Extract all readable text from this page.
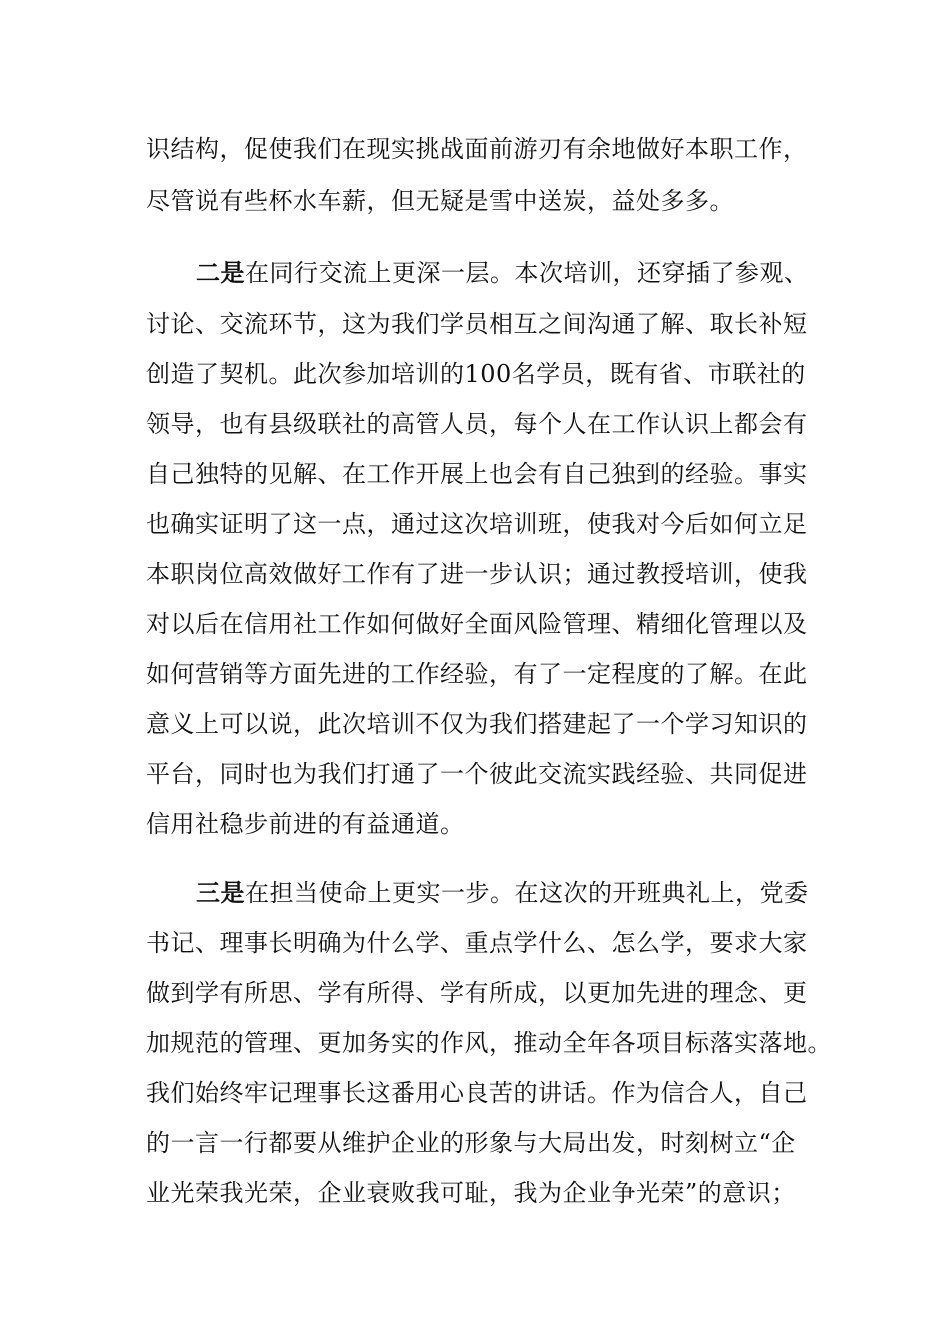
识结构，促使我们在现实挑战面前游刃有余地做好本职工作，
尽管说有些杯水车薪，但无疑是雪中送炭，益处多多。
二是在同行交流上更深一层。本次培训，还穿插了参观、
讨论、交流环节，这为我们学员相互之间沟通了解、取长补短
创造了契机。此次参加培训的100名学员，既有省、市联社的
领导，也有县级联社的高管人员，每个人在工作认识上都会有
自己独特的见解、在工作开展上也会有自己独到的经验。事实
也确实证明了这一点，通过这次培训班，使我对今后如何立足
本职岗位高效做好工作有了进一步认识；通过教授培训，使我
对以后在信用社工作如何做好全面风险管理、精细化管理以及
如何营销等方面先进的工作经验，有了一定程度的了解。在此
意义上可以说，此次培训不仅为我们搭建起了一个学习知识的
平台，同时也为我们打通了一个彼此交流实践经验、共同促进
信用社稳步前进的有益通道。
三是在担当使命上更实一步。在这次的开班典礼上，党委
书记、理事长明确为什么学、重点学什么、怎么学，要求大家
做到学有所思、学有所得、学有所成，以更加先进的理念、更
加规范的管理、更加务实的作风，推动全年各项目标落实落地。
我们始终牢记理事长这番用心良苦的讲话。作为信合人，自己
的一言一行都要从维护企业的形象与大局出发，时刻树立“企
业光荣我光荣，企业衰败我可耻，我为企业争光荣”的意识；
